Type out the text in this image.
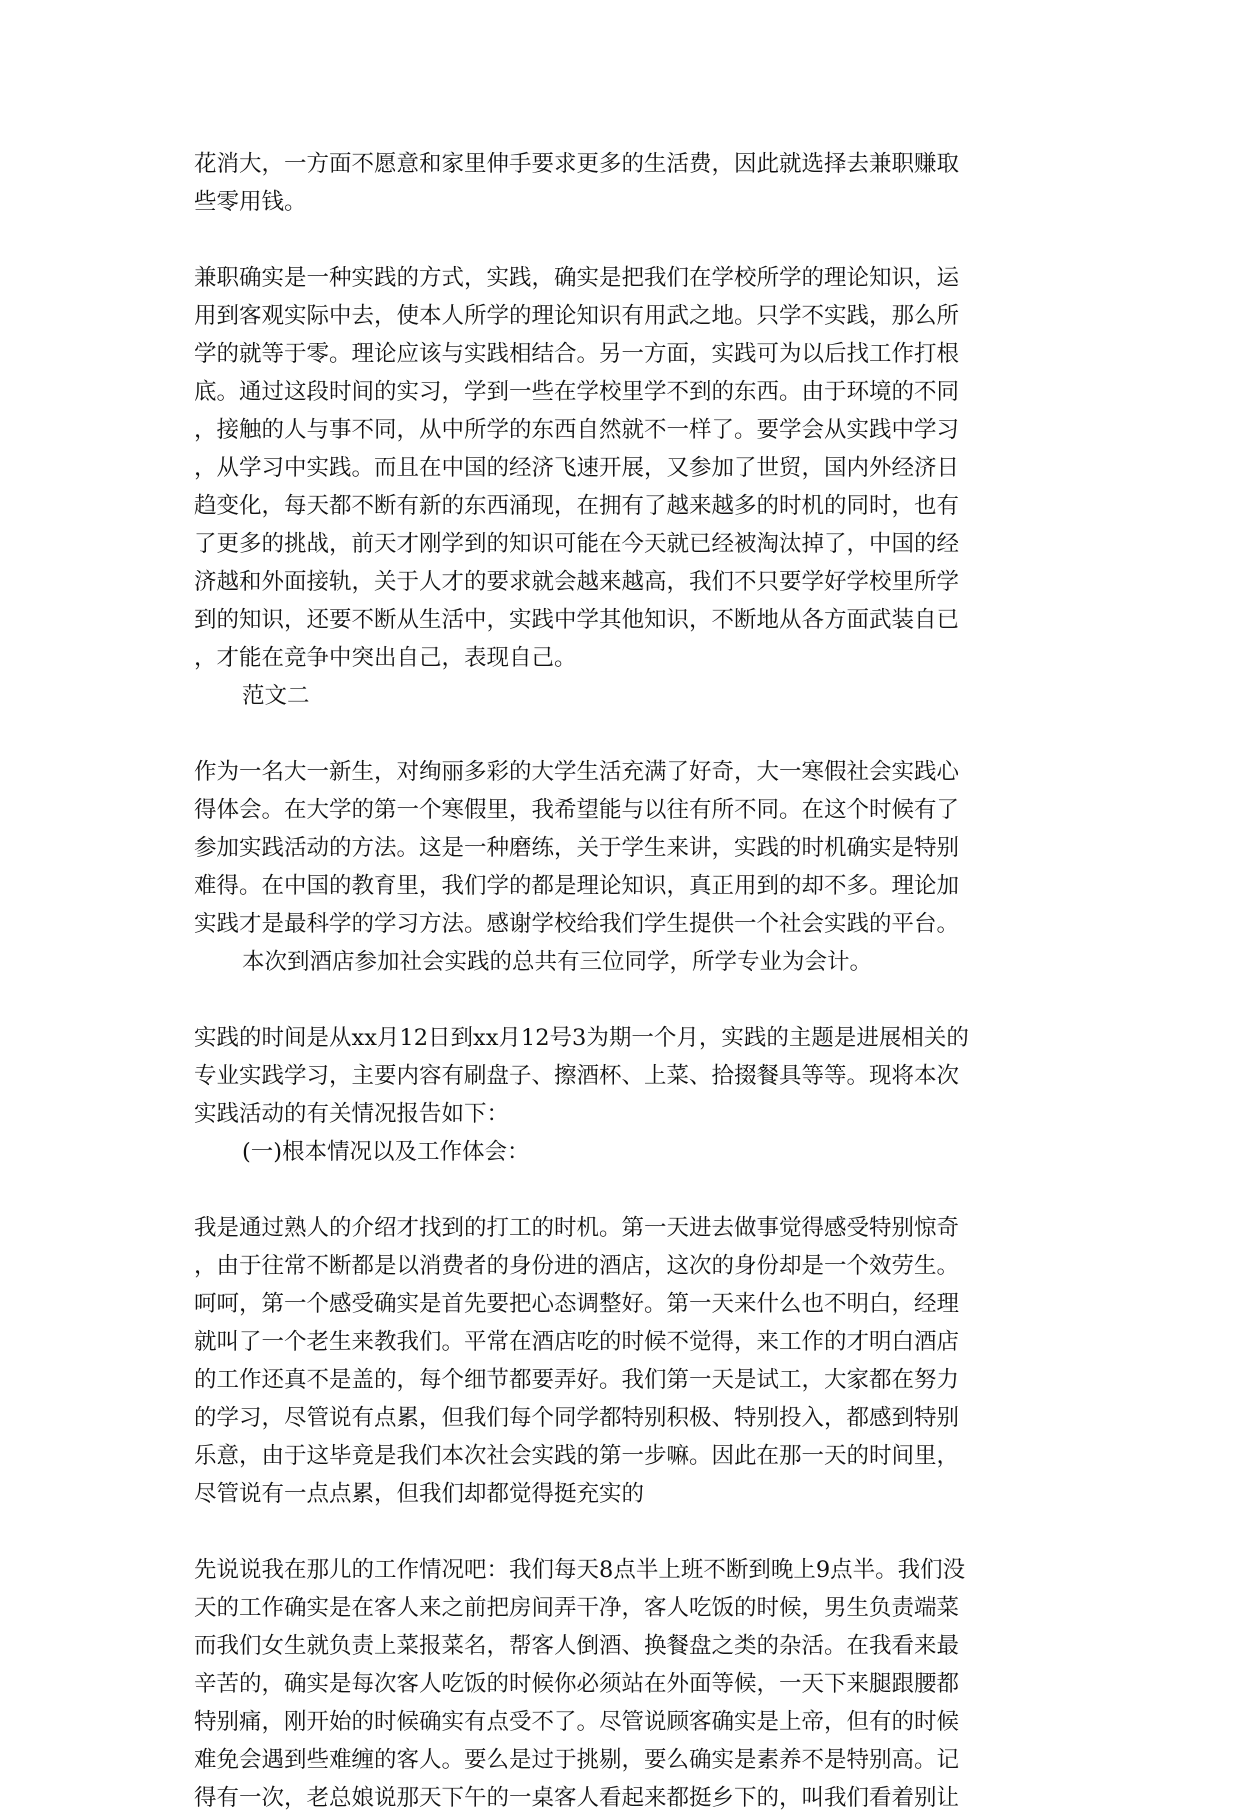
花消大，一方面不愿意和家里伸手要求更多的生活费，因此就选择去兼职赚取
些零用钱。
兼职确实是一种实践的方式，实践，确实是把我们在学校所学的理论知识，运
用到客观实际中去，使本人所学的理论知识有用武之地。只学不实践，那么所
学的就等于零。理论应该与实践相结合。另一方面，实践可为以后找工作打根
底。通过这段时间的实习，学到一些在学校里学不到的东西。由于环境的不同
，接触的人与事不同，从中所学的东西自然就不一样了。要学会从实践中学习
，从学习中实践。而且在中国的经济飞速开展，又参加了世贸，国内外经济日
趋变化，每天都不断有新的东西涌现，在拥有了越来越多的时机的同时，也有
了更多的挑战，前天才刚学到的知识可能在今天就已经被淘汰掉了，中国的经
济越和外面接轨，关于人才的要求就会越来越高，我们不只要学好学校里所学
到的知识，还要不断从生活中，实践中学其他知识，不断地从各方面武装自已
，才能在竞争中突出自己，表现自己。
范文二
作为一名大一新生，对绚丽多彩的大学生活充满了好奇，大一寒假社会实践心
得体会。在大学的第一个寒假里，我希望能与以往有所不同。在这个时候有了
参加实践活动的方法。这是一种磨练，关于学生来讲，实践的时机确实是特别
难得。在中国的教育里，我们学的都是理论知识，真正用到的却不多。理论加
实践才是最科学的学习方法。感谢学校给我们学生提供一个社会实践的平台。
本次到酒店参加社会实践的总共有三位同学，所学专业为会计。
实践的时间是从xx月12日到xx月12号3为期一个月，实践的主题是进展相关的
专业实践学习，主要内容有刷盘子、擦酒杯、上菜、拾掇餐具等等。现将本次
实践活动的有关情况报告如下：
(一)根本情况以及工作体会：
我是通过熟人的介绍才找到的打工的时机。第一天进去做事觉得感受特别惊奇
，由于往常不断都是以消费者的身份进的酒店，这次的身份却是一个效劳生。
呵呵，第一个感受确实是首先要把心态调整好。第一天来什么也不明白，经理
就叫了一个老生来教我们。平常在酒店吃的时候不觉得，来工作的才明白酒店
的工作还真不是盖的，每个细节都要弄好。我们第一天是试工，大家都在努力
的学习，尽管说有点累，但我们每个同学都特别积极、特别投入，都感到特别
乐意，由于这毕竟是我们本次社会实践的第一步嘛。因此在那一天的时间里，
尽管说有一点点累，但我们却都觉得挺充实的
先说说我在那儿的工作情况吧：我们每天8点半上班不断到晚上9点半。我们没
天的工作确实是在客人来之前把房间弄干净，客人吃饭的时候，男生负责端菜
而我们女生就负责上菜报菜名，帮客人倒酒、换餐盘之类的杂活。在我看来最
辛苦的，确实是每次客人吃饭的时候你必须站在外面等候，一天下来腿跟腰都
特别痛，刚开始的时候确实有点受不了。尽管说顾客确实是上帝，但有的时候
难免会遇到些难缠的客人。要么是过于挑剔，要么确实是素养不是特别高。记
得有一次，老总娘说那天下午的一桌客人看起来都挺乡下的，叫我们看着别让
